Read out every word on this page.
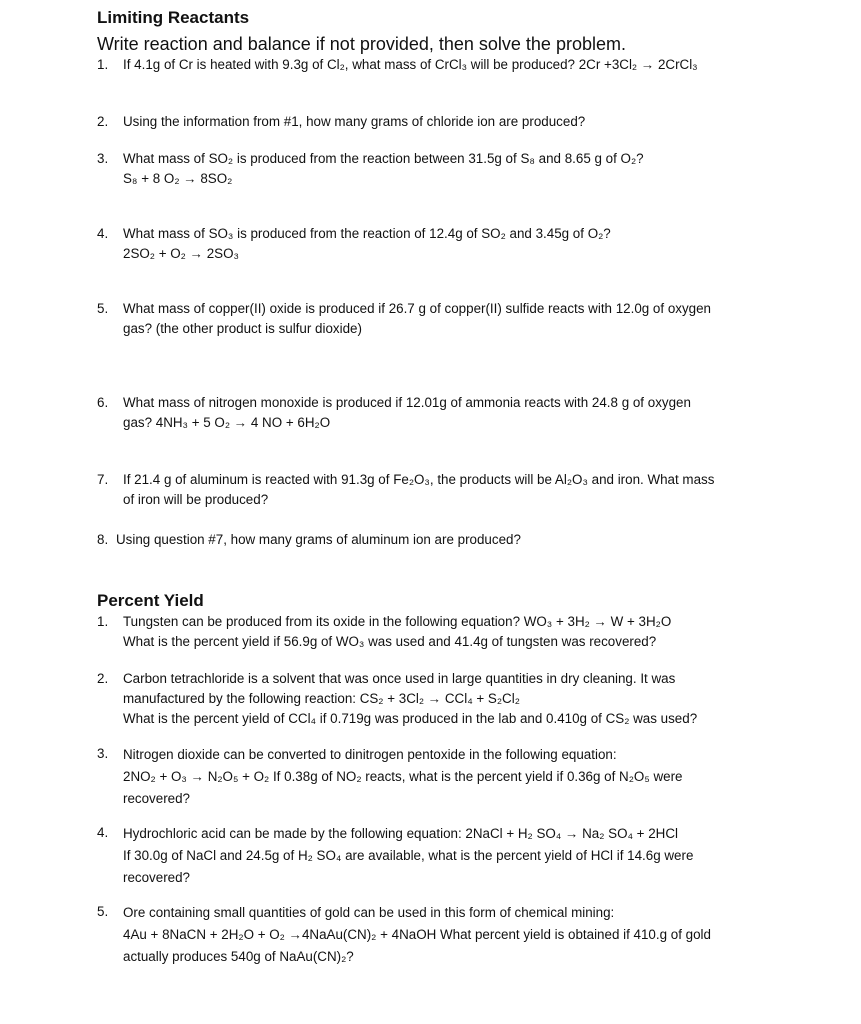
Limiting Reactants

Write reaction and balance if not provided, then solve the problem.

1.	If 4.1g of Cr is heated with 9.3g of Cl₂, what mass of CrCl₃ will be produced? 2Cr +3Cl₂ → 2CrCl₃
2.	Using the information from #1, how many grams of chloride ion are produced?
3.	What mass of SO₂ is produced from the reaction between 31.5g of S₈ and 8.65 g of O₂?
S₈ + 8 O₂ → 8SO₂
4.	What mass of SO₃ is produced from the reaction of 12.4g of SO₂ and 3.45g of O₂?
2SO₂ + O₂ → 2SO₃
5.	What mass of copper(II) oxide is produced if 26.7 g of copper(II) sulfide reacts with 12.0g of oxygen
gas? (the other product is sulfur dioxide)
6.	What mass of nitrogen monoxide is produced if 12.01g of ammonia reacts with 24.8 g of oxygen
gas? 4NH₃ + 5 O₂ → 4 NO + 6H₂O
7.	If 21.4 g of aluminum is reacted with 91.3g of Fe₂O₃, the products will be Al₂O₃ and iron. What mass
of iron will be produced?
8. Using question #7, how many grams of aluminum ion are produced?
Percent Yield
1.	Tungsten can be produced from its oxide in the following equation? WO₃ + 3H₂ → W + 3H₂O
What is the percent yield if 56.9g of WO₃ was used and 41.4g of tungsten was recovered?
2.	Carbon tetrachloride is a solvent that was once used in large quantities in dry cleaning. It was
manufactured by the following reaction: CS₂ + 3Cl₂ → CCl₄ + S₂Cl₂
What is the percent yield of CCl₄ if 0.719g was produced in the lab and 0.410g of CS₂ was used?
3.	Nitrogen dioxide can be converted to dinitrogen pentoxide in the following equation:
2NO₂ + O₃ → N₂O₅ + O₂ If 0.38g of NO₂ reacts, what is the percent yield if 0.36g of N₂O₅ were
recovered?
4.	Hydrochloric acid can be made by the following equation: 2NaCl + H₂ SO₄ → Na₂ SO₄ + 2HCl
If 30.0g of NaCl and 24.5g of H₂ SO₄ are available, what is the percent yield of HCl if 14.6g were
recovered?
5.	Ore containing small quantities of gold can be used in this form of chemical mining:
4Au + 8NaCN + 2H₂O + O₂ →4NaAu(CN)₂ + 4NaOH What percent yield is obtained if 410.g of gold
actually produces 540g of NaAu(CN)₂?
